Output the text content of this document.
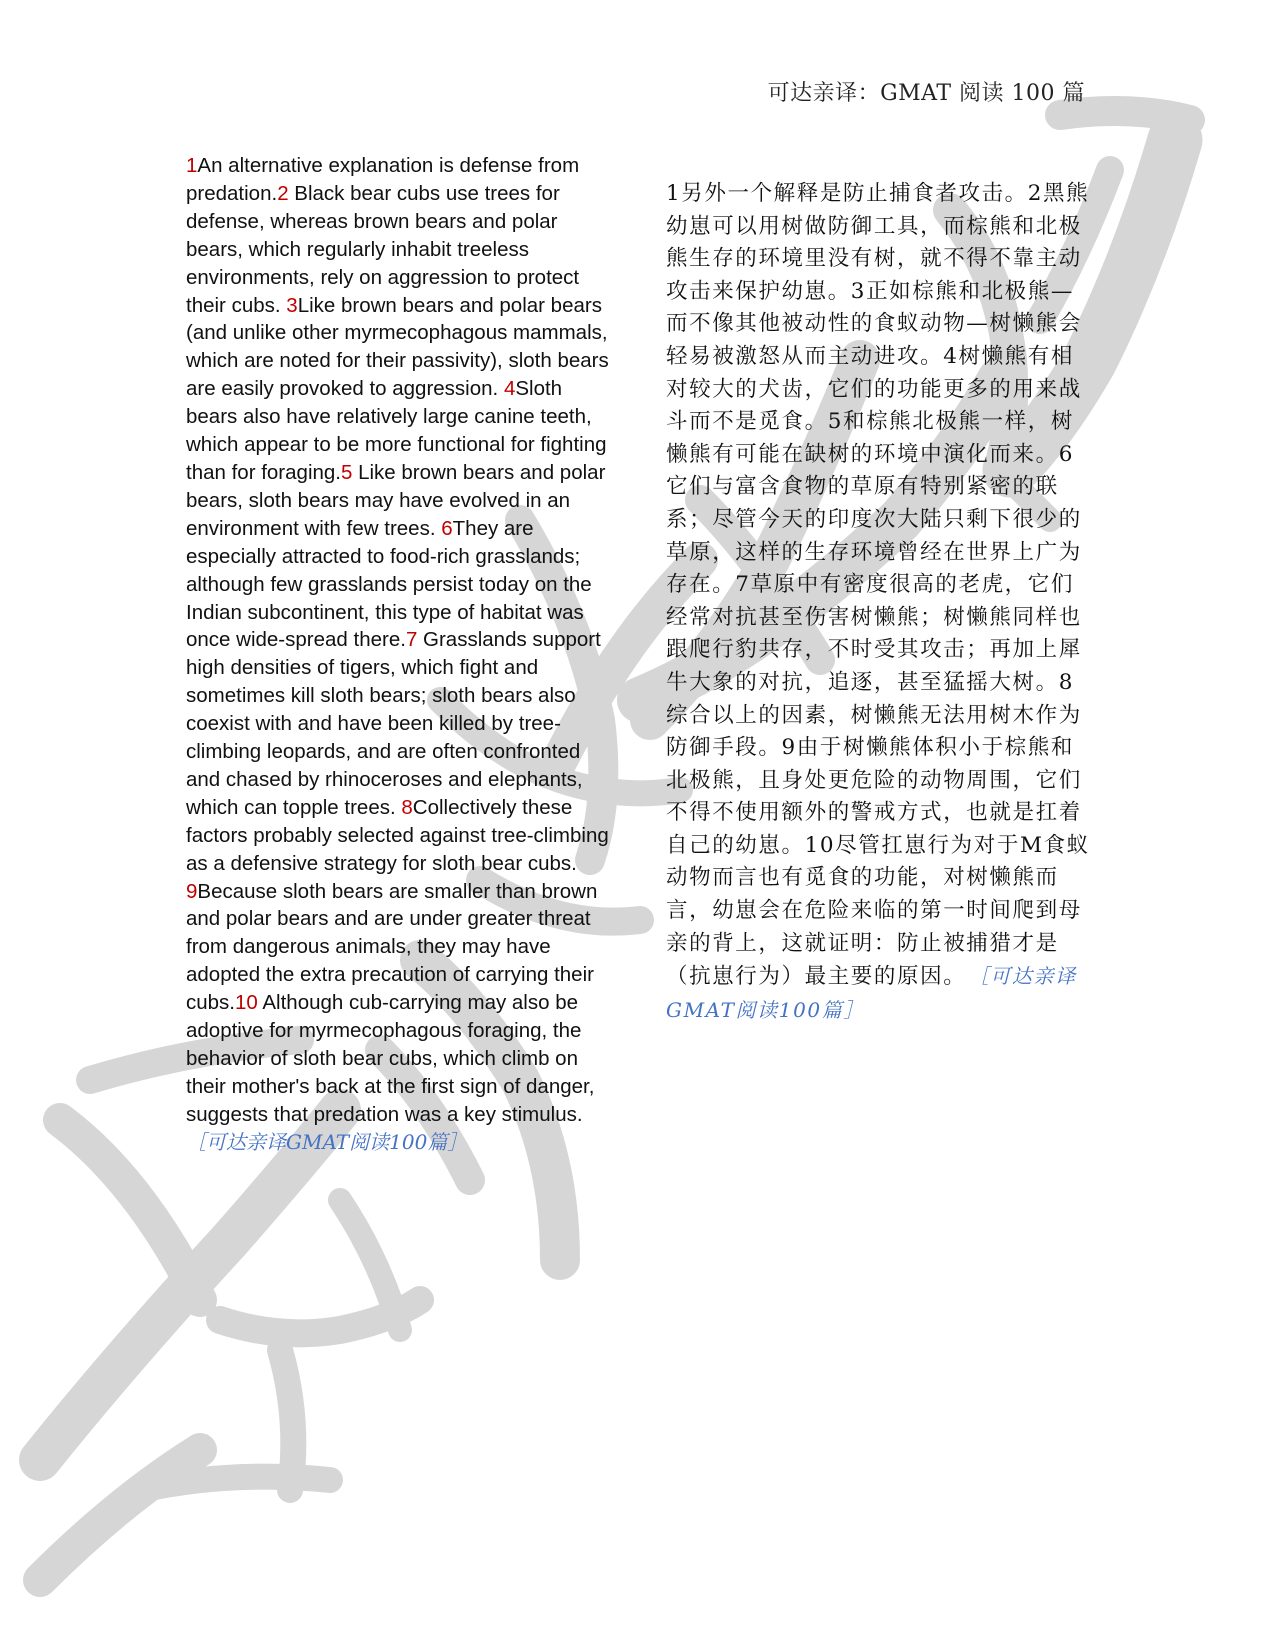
可达亲译：GMAT 阅读 100 篇
1An alternative explanation is defense from predation.2 Black bear cubs use trees for defense, whereas brown bears and polar bears, which regularly inhabit treeless environments, rely on aggression to protect their cubs. 3Like brown bears and polar bears (and unlike other myrmecophagous mammals, which are noted for their passivity), sloth bears are easily provoked to aggression. 4Sloth bears also have relatively large canine teeth, which appear to be more functional for fighting than for foraging.5 Like brown bears and polar bears, sloth bears may have evolved in an environment with few trees. 6They are especially attracted to food-rich grasslands; although few grasslands persist today on the Indian subcontinent, this type of habitat was once wide-spread there.7 Grasslands support high densities of tigers, which fight and sometimes kill sloth bears; sloth bears also coexist with and have been killed by tree-climbing leopards, and are often confronted and chased by rhinoceroses and elephants, which can topple trees. 8Collectively these factors probably selected against tree-climbing as a defensive strategy for sloth bear cubs. 9Because sloth bears are smaller than brown and polar bears and are under greater threat from dangerous animals, they may have adopted the extra precaution of carrying their cubs.10 Although cub-carrying may also be adoptive for myrmecophagous foraging, the behavior of sloth bear cubs, which climb on their mother's back at the first sign of danger, suggests that predation was a key stimulus. ［可达亲译GMAT阅读100篇］
1另外一个解释是防止捕食者攻击。2黑熊幼崽可以用树做防御工具，而棕熊和北极熊生存的环境里没有树，就不得不靠主动攻击来保护幼崽。3正如棕熊和北极熊—而不像其他被动性的食蚁动物—树懒熊会轻易被激怒从而主动进攻。4树懒熊有相对较大的犬齿，它们的功能更多的用来战斗而不是觅食。5和棕熊北极熊一样，树懒熊有可能在缺树的环境中演化而来。6它们与富含食物的草原有特别紧密的联系；尽管今天的印度次大陆只剩下很少的草原，这样的生存环境曾经在世界上广为存在。7草原中有密度很高的老虎，它们经常对抗甚至伤害树懒熊；树懒熊同样也跟爬行豹共存，不时受其攻击；再加上犀牛大象的对抗，追逐，甚至猛摇大树。8综合以上的因素，树懒熊无法用树木作为防御手段。9由于树懒熊体积小于棕熊和北极熊，且身处更危险的动物周围，它们不得不使用额外的警戒方式，也就是扛着自己的幼崽。10尽管扛崽行为对于M食蚁动物而言也有觅食的功能，对树懒熊而言，幼崽会在危险来临的第一时间爬到母亲的背上，这就证明：防止被捕猎才是（抗崽行为）最主要的原因。　 ［可达亲译GMAT阅读100篇］
